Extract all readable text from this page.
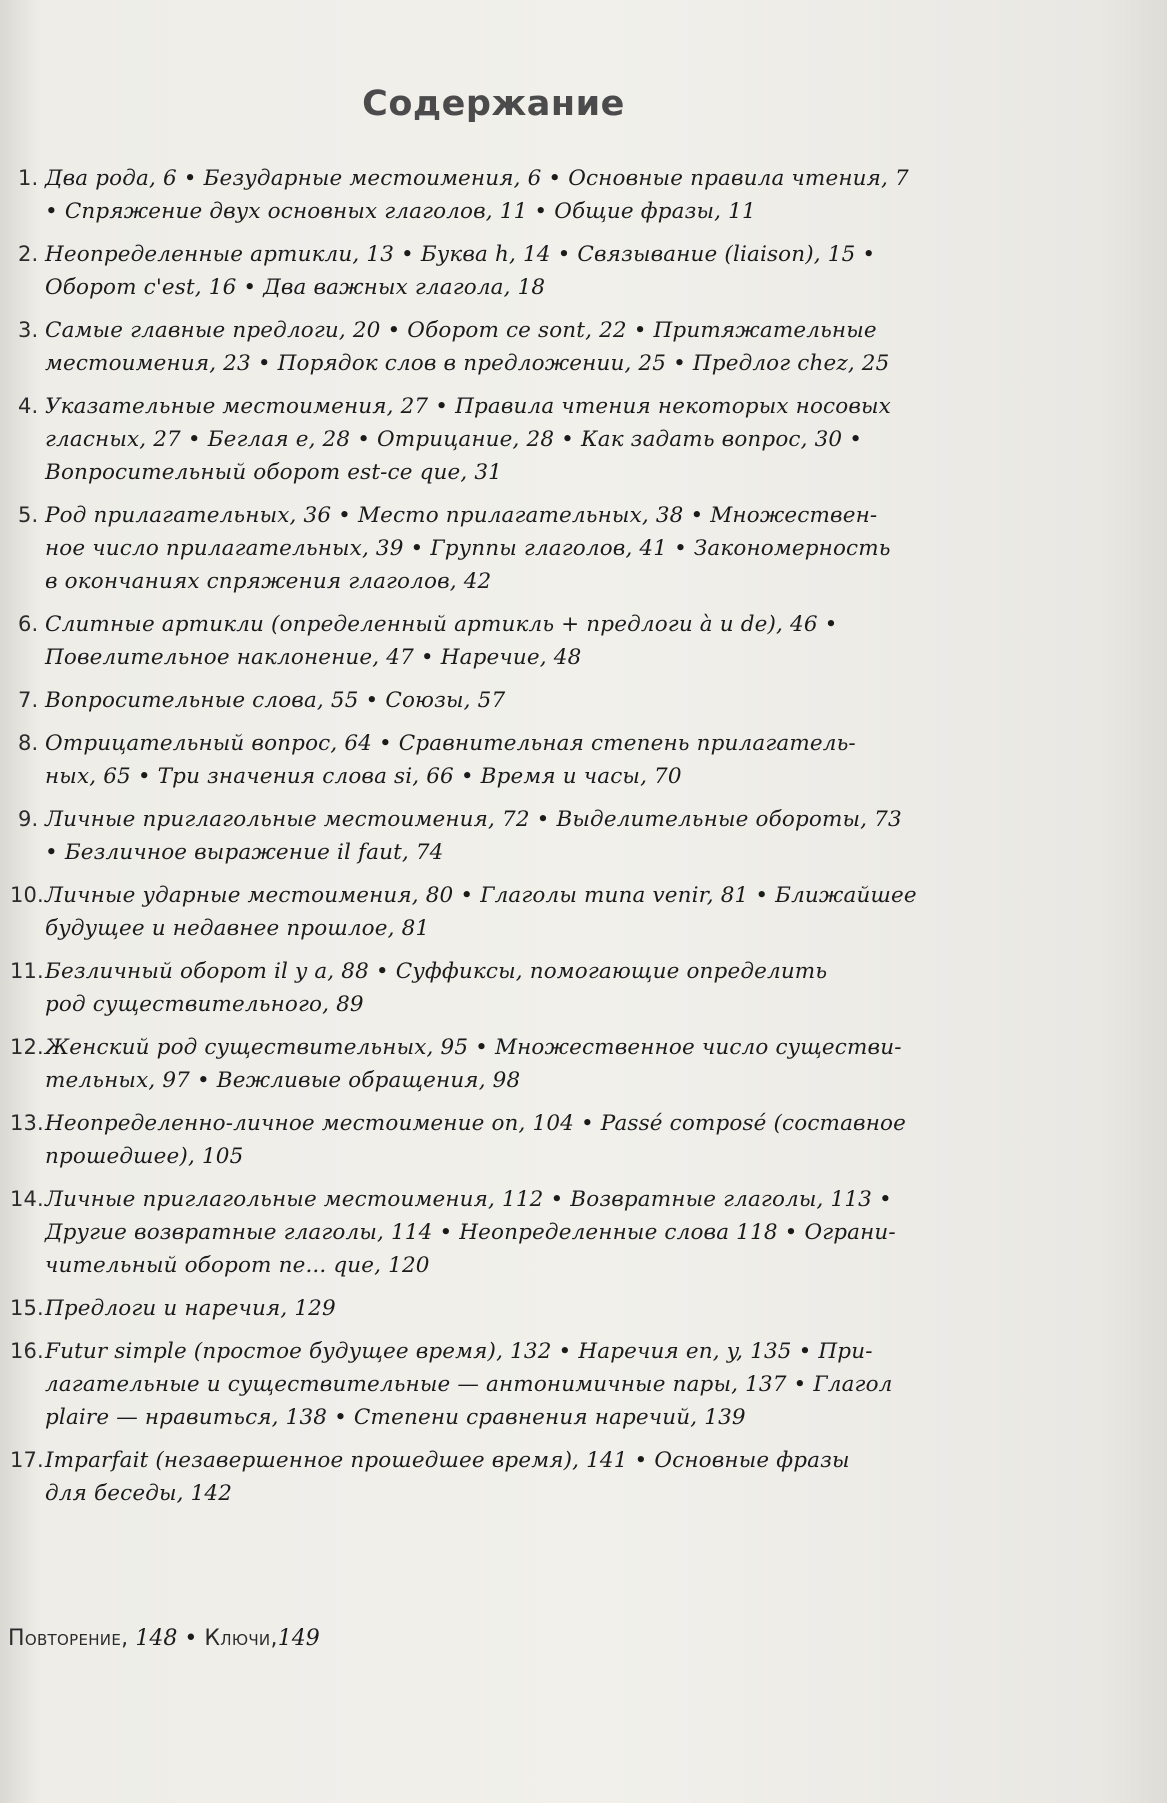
Содержание
1. Два рода, 6 • Безударные местоимения, 6 • Основные правила чтения, 7
• Спряжение двух основных глаголов, 11 • Общие фразы, 11
2. Неопределенные артикли, 13 • Буква h, 14 • Связывание (liaison), 15 •
Оборот c'est, 16 • Два важных глагола, 18
3. Самые главные предлоги, 20 • Оборот ce sont, 22 • Притяжательные
местоимения, 23 • Порядок слов в предложении, 25 • Предлог chez, 25
4. Указательные местоимения, 27 • Правила чтения некоторых носовых
гласных, 27 • Беглая е, 28 • Отрицание, 28 • Как задать вопрос, 30 •
Вопросительный оборот est-ce que, 31
5. Род прилагательных, 36 • Место прилагательных, 38 • Множествен-
ное число прилагательных, 39 • Группы глаголов, 41 • Закономерность
в окончаниях спряжения глаголов, 42
6. Слитные артикли (определенный артикль + предлоги à и de), 46 •
Повелительное наклонение, 47 • Наречие, 48
7. Вопросительные слова, 55 • Союзы, 57
8. Отрицательный вопрос, 64 • Сравнительная степень прилагатель-
ных, 65 • Три значения слова si, 66 • Время и часы, 70
9. Личные приглагольные местоимения, 72 • Выделительные обороты, 73
• Безличное выражение il faut, 74
10. Личные ударные местоимения, 80 • Глаголы типа venir, 81 • Ближайшее
будущее и недавнее прошлое, 81
11. Безличный оборот il y a, 88 • Суффиксы, помогающие определить
род существительного, 89
12. Женский род существительных, 95 • Множественное число существи-
тельных, 97 • Вежливые обращения, 98
13. Неопределенно-личное местоимение on, 104 • Passé composé (составное
прошедшее), 105
14. Личные приглагольные местоимения, 112 • Возвратные глаголы, 113 •
Другие возвратные глаголы, 114 • Неопределенные слова 118 • Ограни-
чительный оборот ne... que, 120
15. Предлоги и наречия, 129
16. Futur simple (простое будущее время), 132 • Наречия en, y, 135 • При-
лагательные и существительные — антонимичные пары, 137 • Глагол
plaire — нравиться, 138 • Степени сравнения наречий, 139
17. Imparfait (незавершенное прошедшее время), 141 • Основные фразы
для беседы, 142
Повторение, 148 • Ключи,149
